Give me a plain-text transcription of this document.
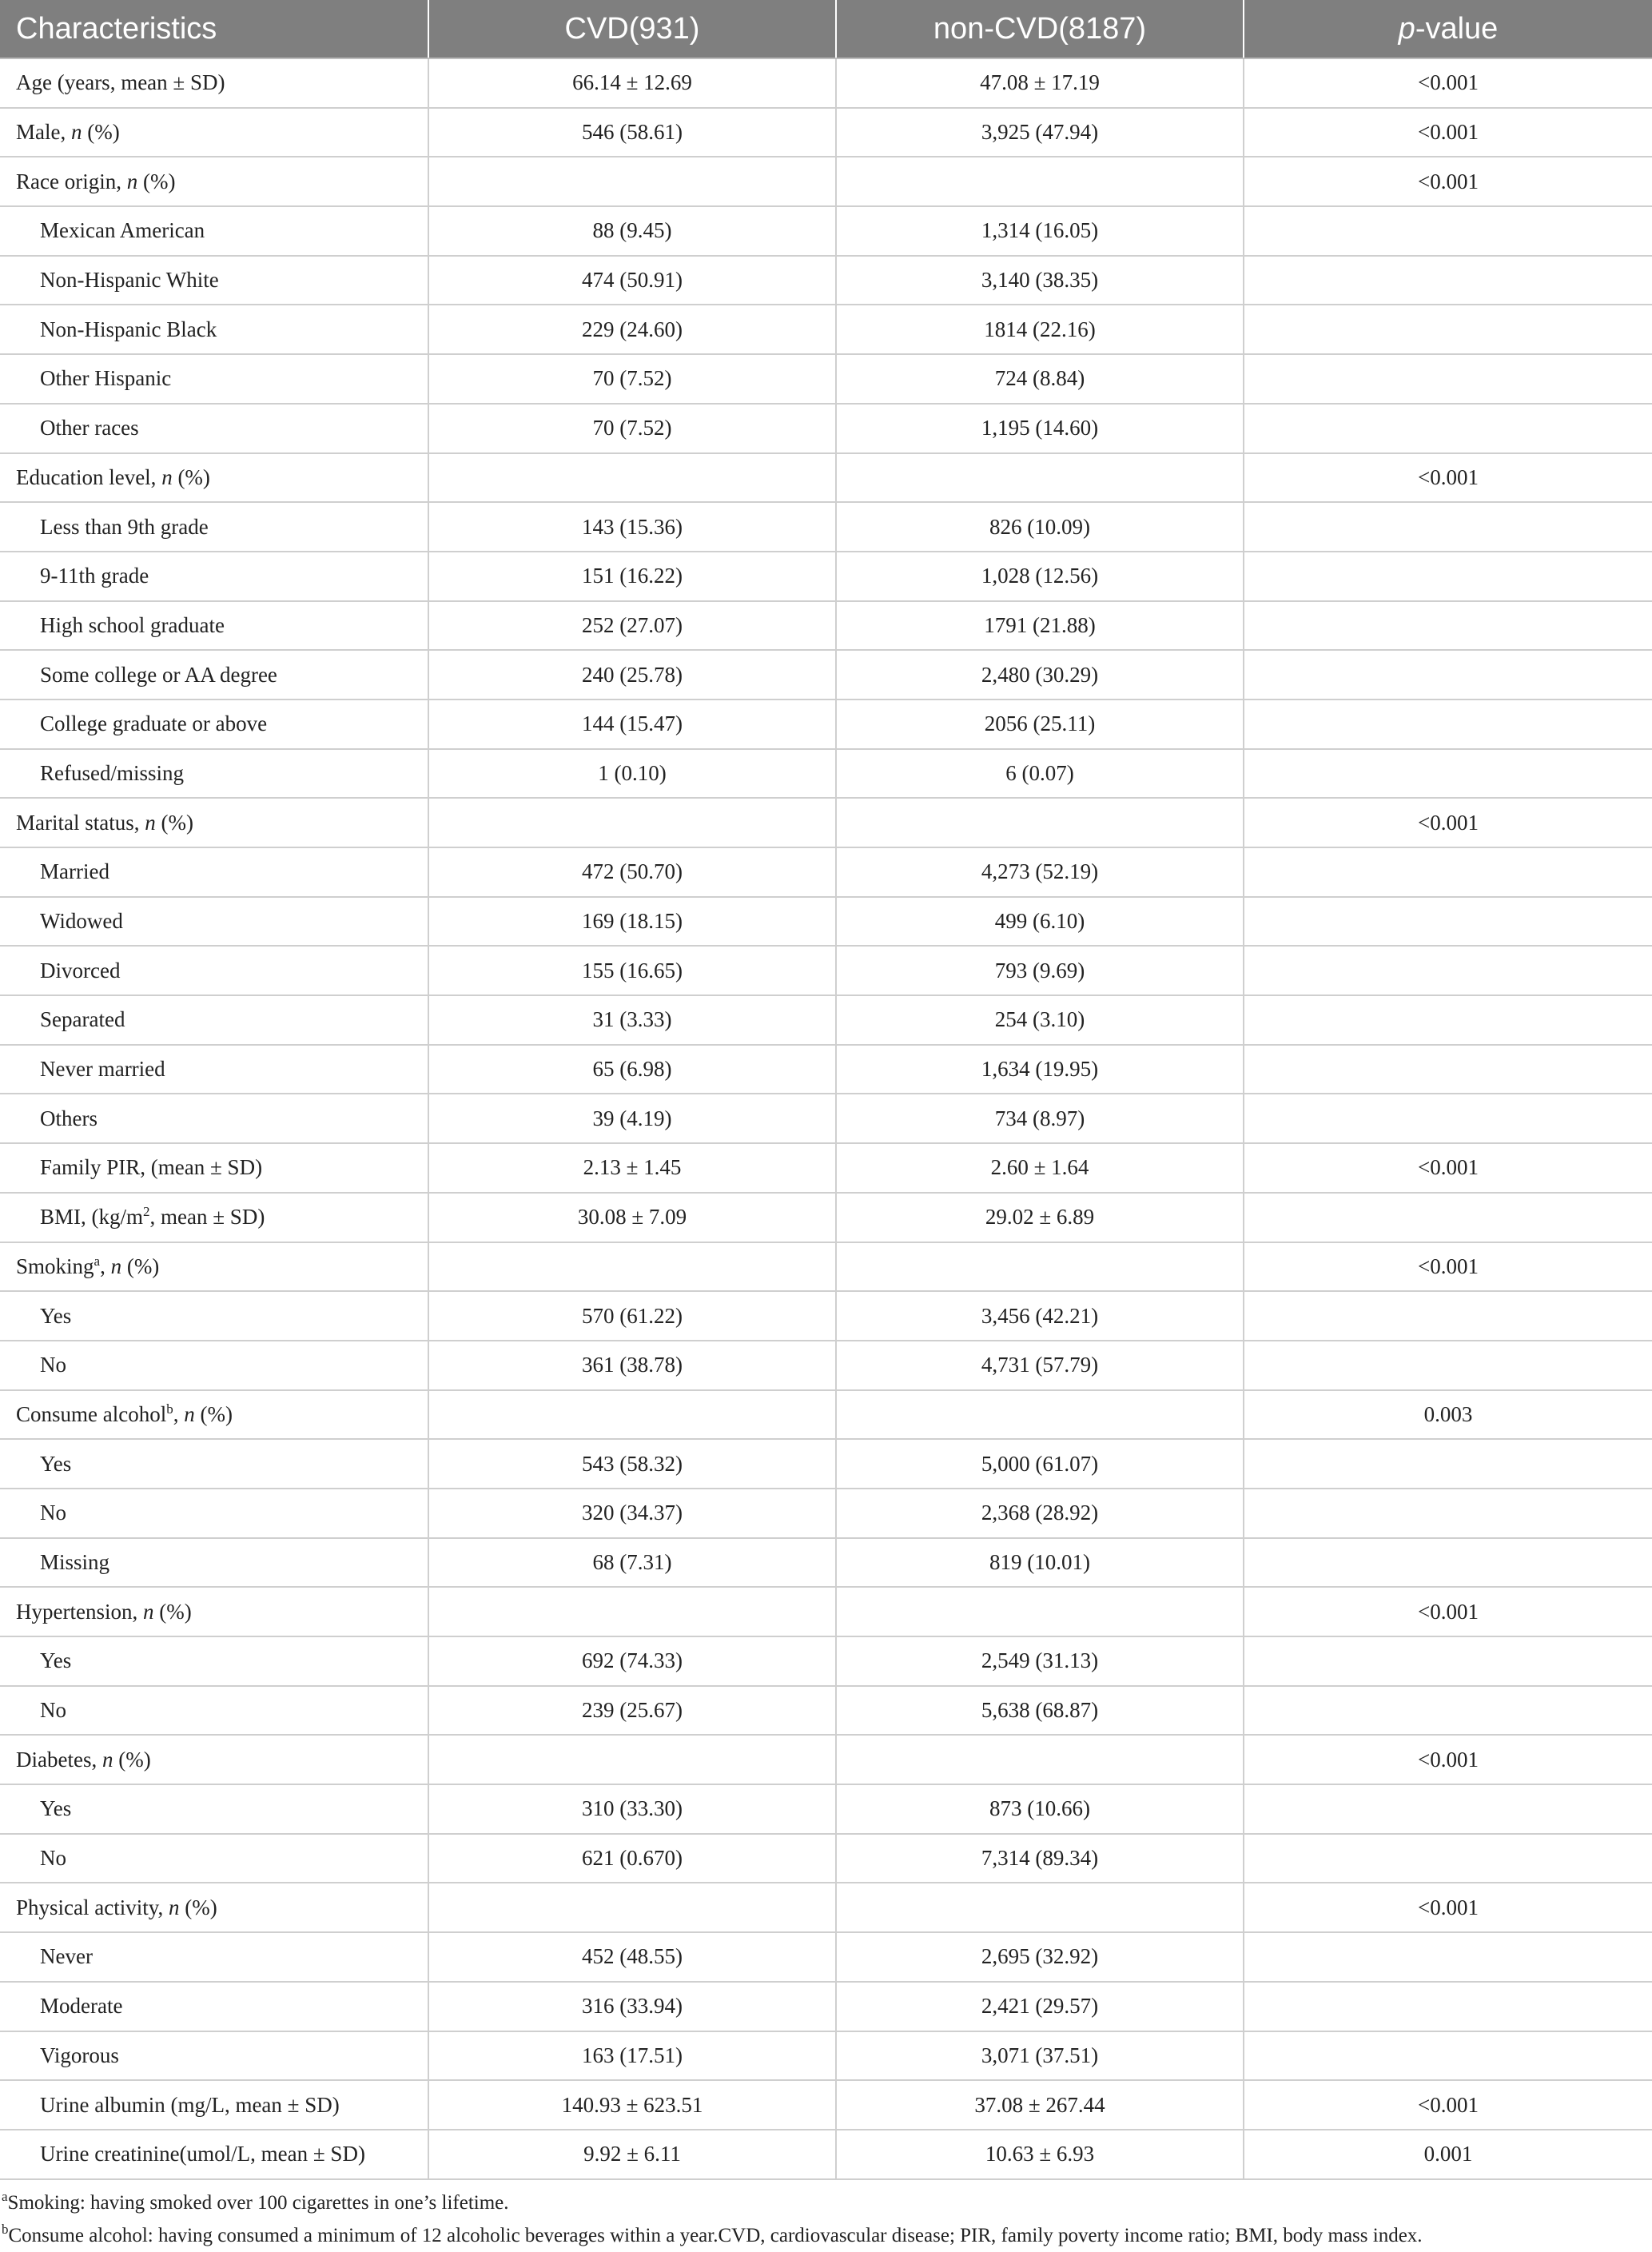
Characteristics	CVD(931)	non-CVD(8187)	p-value
Age (years, mean ± SD)	66.14 ± 12.69	47.08 ± 17.19	<0.001
Male, n (%)	546 (58.61)	3,925 (47.94)	<0.001
Race origin, n (%)			<0.001
Mexican American	88 (9.45)	1,314 (16.05)	
Non-Hispanic White	474 (50.91)	3,140 (38.35)	
Non-Hispanic Black	229 (24.60)	1814 (22.16)	
Other Hispanic	70 (7.52)	724 (8.84)	
Other races	70 (7.52)	1,195 (14.60)	
Education level, n (%)			<0.001
Less than 9th grade	143 (15.36)	826 (10.09)	
9-11th grade	151 (16.22)	1,028 (12.56)	
High school graduate	252 (27.07)	1791 (21.88)	
Some college or AA degree	240 (25.78)	2,480 (30.29)	
College graduate or above	144 (15.47)	2056 (25.11)	
Refused/missing	1 (0.10)	6 (0.07)	
Marital status, n (%)			<0.001
Married	472 (50.70)	4,273 (52.19)	
Widowed	169 (18.15)	499 (6.10)	
Divorced	155 (16.65)	793 (9.69)	
Separated	31 (3.33)	254 (3.10)	
Never married	65 (6.98)	1,634 (19.95)	
Others	39 (4.19)	734 (8.97)	
Family PIR, (mean ± SD)	2.13 ± 1.45	2.60 ± 1.64	<0.001
BMI, ($kg/m^2$, mean ± SD)	30.08 ± 7.09	29.02 ± 6.89	
Smoking$^a$, n (%)			<0.001
Yes	570 (61.22)	3,456 (42.21)	
No	361 (38.78)	4,731 (57.79)	
Consume alcohol$^b$, n (%)			0.003
Yes	543 (58.32)	5,000 (61.07)	
No	320 (34.37)	2,368 (28.92)	
Missing	68 (7.31)	819 (10.01)	
Hypertension, n (%)			<0.001
Yes	692 (74.33)	2,549 (31.13)	
No	239 (25.67)	5,638 (68.87)	
Diabetes, n (%)			<0.001
Yes	310 (33.30)	873 (10.66)	
No	621 (0.670)	7,314 (89.34)	
Physical activity, n (%)			<0.001
Never	452 (48.55)	2,695 (32.92)	
Moderate	316 (33.94)	2,421 (29.57)	
Vigorous	163 (17.51)	3,071 (37.51)	
Urine albumin (mg/L, mean ± SD)	140.93 ± 623.51	37.08 ± 267.44	<0.001
Urine creatinine(umol/L, mean ± SD)	9.92 ± 6.11	10.63 ± 6.93	0.001
$^a$Smoking: having smoked over 100 cigarettes in one’s lifetime.
$^b$Consume alcohol: having consumed a minimum of 12 alcoholic beverages within a year.CVD, cardiovascular disease; PIR, family poverty income ratio; BMI, body mass index.
